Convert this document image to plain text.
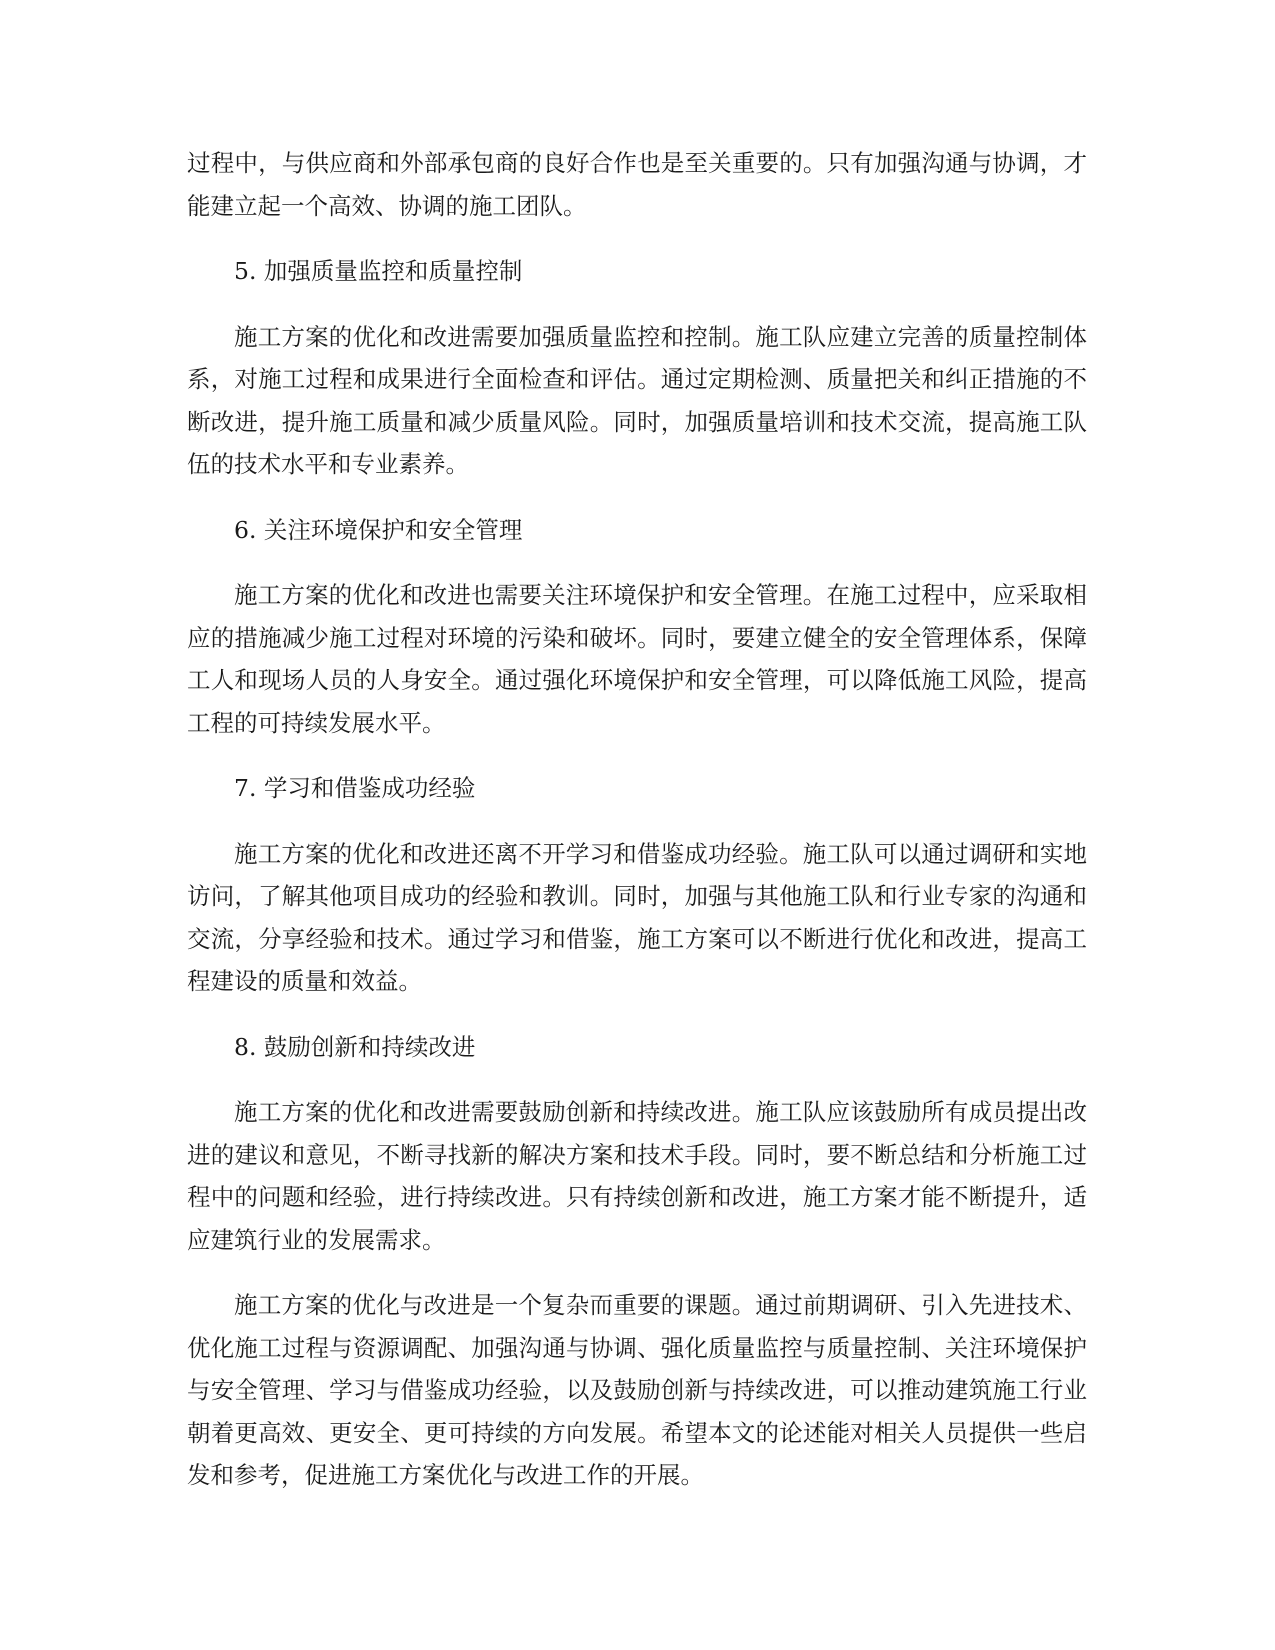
过程中，与供应商和外部承包商的良好合作也是至关重要的。只有加强沟通与协调，才能建立起一个高效、协调的施工团队。

5. 加强质量监控和质量控制

施工方案的优化和改进需要加强质量监控和控制。施工队应建立完善的质量控制体系，对施工过程和成果进行全面检查和评估。通过定期检测、质量把关和纠正措施的不断改进，提升施工质量和减少质量风险。同时，加强质量培训和技术交流，提高施工队伍的技术水平和专业素养。

6. 关注环境保护和安全管理

施工方案的优化和改进也需要关注环境保护和安全管理。在施工过程中，应采取相应的措施减少施工过程对环境的污染和破坏。同时，要建立健全的安全管理体系，保障工人和现场人员的人身安全。通过强化环境保护和安全管理，可以降低施工风险，提高工程的可持续发展水平。

7. 学习和借鉴成功经验

施工方案的优化和改进还离不开学习和借鉴成功经验。施工队可以通过调研和实地访问，了解其他项目成功的经验和教训。同时，加强与其他施工队和行业专家的沟通和交流，分享经验和技术。通过学习和借鉴，施工方案可以不断进行优化和改进，提高工程建设的质量和效益。

8. 鼓励创新和持续改进

施工方案的优化和改进需要鼓励创新和持续改进。施工队应该鼓励所有成员提出改进的建议和意见，不断寻找新的解决方案和技术手段。同时，要不断总结和分析施工过程中的问题和经验，进行持续改进。只有持续创新和改进，施工方案才能不断提升，适应建筑行业的发展需求。

施工方案的优化与改进是一个复杂而重要的课题。通过前期调研、引入先进技术、优化施工过程与资源调配、加强沟通与协调、强化质量监控与质量控制、关注环境保护与安全管理、学习与借鉴成功经验，以及鼓励创新与持续改进，可以推动建筑施工行业朝着更高效、更安全、更可持续的方向发展。希望本文的论述能对相关人员提供一些启发和参考，促进施工方案优化与改进工作的开展。
